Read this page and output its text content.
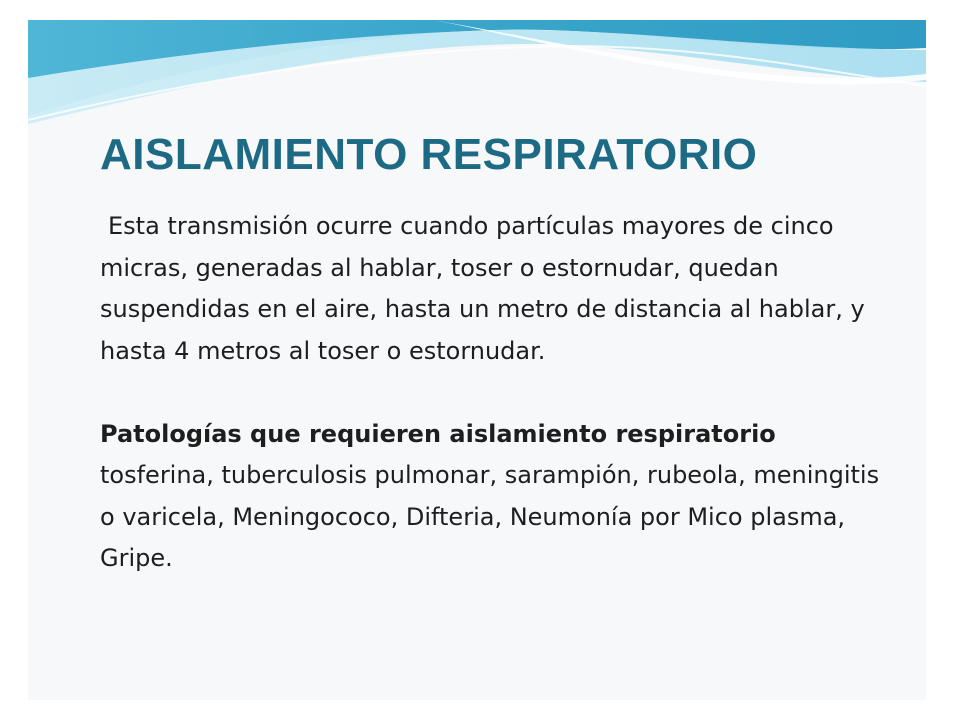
AISLAMIENTO RESPIRATORIO

Esta transmisión ocurre cuando partículas mayores de cinco micras, generadas al hablar, toser o estornudar, quedan suspendidas en el aire, hasta un metro de distancia al hablar, y hasta 4 metros al toser o estornudar.

Patologías que requieren aislamiento respiratorio

tosferina, tuberculosis pulmonar, sarampión, rubeola, meningitis o varicela, Meningococo, Difteria, Neumonía por Mico plasma, Gripe.
